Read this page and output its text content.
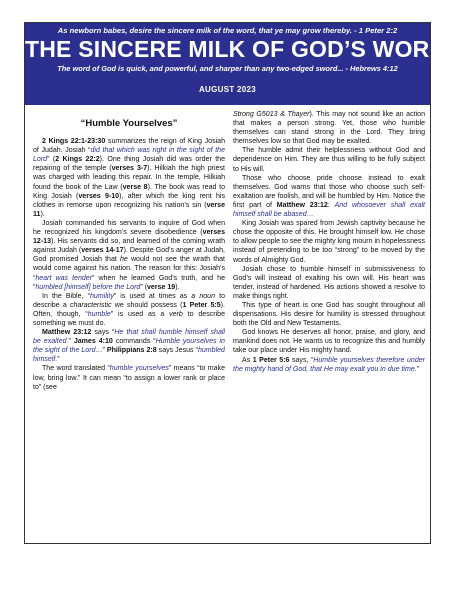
As newborn babes, desire the sincere milk of the word, that ye may grow thereby. - 1 Peter 2:2
THE SINCERE MILK OF GOD’S WORD
The word of God is quick, and powerful, and sharper than any two-edged sword... - Hebrews 4:12
AUGUST 2023

“Humble Yourselves”

2 Kings 22:1-23:30 summarizes the reign of King Josiah of Judah. Josiah “did that which was right in the sight of the Lord” (2 Kings 22:2). One thing Josiah did was order the repairing of the temple (verses 3-7). Hilkiah the high priest was charged with leading this repair. In the temple, Hilkiah found the book of the Law (verse 8). The book was read to King Josiah (verses 9-10), after which the king rent his clothes in remorse upon recognizing his nation’s sin (verse 11).

Josiah commanded his servants to inquire of God when he recognized his kingdom’s severe disobedience (verses 12-13). His servants did so, and learned of the coming wrath against Judah (verses 14-17). Despite God’s anger at Judah, God promised Josiah that he would not see the wrath that would come against his nation. The reason for this: Josiah’s “heart was tender” when he learned God’s truth, and he “humbled [himself] before the Lord” (verse 19).

In the Bible, “humility” is used at times as a noun to describe a characteristic we should possess (1 Peter 5:5). Often, though, “humble” is used as a verb to describe something we must do.

Matthew 23:12 says “He that shall humble himself shall be exalted.” James 4:10 commands “Humble yourselves in the sight of the Lord…” Philippians 2:8 says Jesus “humbled himself.”

The word translated “humble yourselves” means “to make low, bring low.” It can mean “to assign a lower rank or place to” (see

Strong G5013 & Thayer). This may not sound like an action that makes a person strong. Yet, those who humble themselves can stand strong in the Lord. They bring themselves low so that God may be exalted.

The humble admit their helplessness without God and dependence on Him. They are thus willing to be fully subject to His will.

Those who choose pride choose instead to exalt themselves. God warns that those who choose such self-exaltation are foolish, and will be humbled by Him. Notice the first part of Matthew 23:12: And whosoever shall exalt himself shall be abased…

King Josiah was spared from Jewish captivity because he chose the opposite of this. He brought himself low. He chose to allow people to see the mighty king mourn in hopelessness instead of pretending to be too “strong” to be moved by the words of Almighty God.

Josiah chose to humble himself in submissiveness to God’s will instead of exalting his own will. His heart was tender, instead of hardened. His actions showed a resolve to make things right.

This type of heart is one God has sought throughout all dispensations. His desire for humility is stressed throughout both the Old and New Testaments.

God knows He deserves all honor, praise, and glory, and mankind does not. He wants us to recognize this and humbly take our place under His mighty hand.

As 1 Peter 5:6 says, “Humble yourselves therefore under the mighty hand of God, that He may exalt you in due time.”
